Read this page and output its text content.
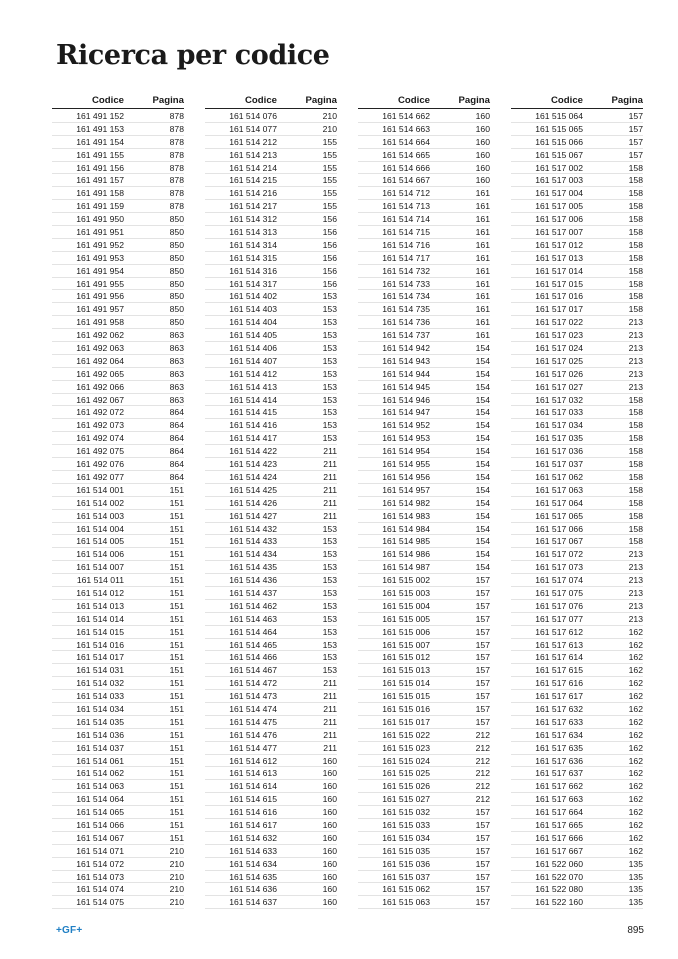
Ricerca per codice
Codice	Pagina
161 491 152	878
161 491 153	878
161 491 154	878
161 491 155	878
161 491 156	878
161 491 157	878
161 491 158	878
161 491 159	878
161 491 950	850
161 491 951	850
161 491 952	850
161 491 953	850
161 491 954	850
161 491 955	850
161 491 956	850
161 491 957	850
161 491 958	850
161 492 062	863
161 492 063	863
161 492 064	863
161 492 065	863
161 492 066	863
161 492 067	863
161 492 072	864
161 492 073	864
161 492 074	864
161 492 075	864
161 492 076	864
161 492 077	864
161 514 001	151
161 514 002	151
161 514 003	151
161 514 004	151
161 514 005	151
161 514 006	151
161 514 007	151
161 514 011	151
161 514 012	151
161 514 013	151
161 514 014	151
161 514 015	151
161 514 016	151
161 514 017	151
161 514 031	151
161 514 032	151
161 514 033	151
161 514 034	151
161 514 035	151
161 514 036	151
161 514 037	151
161 514 061	151
161 514 062	151
161 514 063	151
161 514 064	151
161 514 065	151
161 514 066	151
161 514 067	151
161 514 071	210
161 514 072	210
161 514 073	210
161 514 074	210
161 514 075	210
Codice	Pagina
161 514 076	210
161 514 077	210
161 514 212	155
161 514 213	155
161 514 214	155
161 514 215	155
161 514 216	155
161 514 217	155
161 514 312	156
161 514 313	156
161 514 314	156
161 514 315	156
161 514 316	156
161 514 317	156
161 514 402	153
161 514 403	153
161 514 404	153
161 514 405	153
161 514 406	153
161 514 407	153
161 514 412	153
161 514 413	153
161 514 414	153
161 514 415	153
161 514 416	153
161 514 417	153
161 514 422	211
161 514 423	211
161 514 424	211
161 514 425	211
161 514 426	211
161 514 427	211
161 514 432	153
161 514 433	153
161 514 434	153
161 514 435	153
161 514 436	153
161 514 437	153
161 514 462	153
161 514 463	153
161 514 464	153
161 514 465	153
161 514 466	153
161 514 467	153
161 514 472	211
161 514 473	211
161 514 474	211
161 514 475	211
161 514 476	211
161 514 477	211
161 514 612	160
161 514 613	160
161 514 614	160
161 514 615	160
161 514 616	160
161 514 617	160
161 514 632	160
161 514 633	160
161 514 634	160
161 514 635	160
161 514 636	160
161 514 637	160
Codice	Pagina
161 514 662	160
161 514 663	160
161 514 664	160
161 514 665	160
161 514 666	160
161 514 667	160
161 514 712	161
161 514 713	161
161 514 714	161
161 514 715	161
161 514 716	161
161 514 717	161
161 514 732	161
161 514 733	161
161 514 734	161
161 514 735	161
161 514 736	161
161 514 737	161
161 514 942	154
161 514 943	154
161 514 944	154
161 514 945	154
161 514 946	154
161 514 947	154
161 514 952	154
161 514 953	154
161 514 954	154
161 514 955	154
161 514 956	154
161 514 957	154
161 514 982	154
161 514 983	154
161 514 984	154
161 514 985	154
161 514 986	154
161 514 987	154
161 515 002	157
161 515 003	157
161 515 004	157
161 515 005	157
161 515 006	157
161 515 007	157
161 515 012	157
161 515 013	157
161 515 014	157
161 515 015	157
161 515 016	157
161 515 017	157
161 515 022	212
161 515 023	212
161 515 024	212
161 515 025	212
161 515 026	212
161 515 027	212
161 515 032	157
161 515 033	157
161 515 034	157
161 515 035	157
161 515 036	157
161 515 037	157
161 515 062	157
161 515 063	157
Codice	Pagina
161 515 064	157
161 515 065	157
161 515 066	157
161 515 067	157
161 517 002	158
161 517 003	158
161 517 004	158
161 517 005	158
161 517 006	158
161 517 007	158
161 517 012	158
161 517 013	158
161 517 014	158
161 517 015	158
161 517 016	158
161 517 017	158
161 517 022	213
161 517 023	213
161 517 024	213
161 517 025	213
161 517 026	213
161 517 027	213
161 517 032	158
161 517 033	158
161 517 034	158
161 517 035	158
161 517 036	158
161 517 037	158
161 517 062	158
161 517 063	158
161 517 064	158
161 517 065	158
161 517 066	158
161 517 067	158
161 517 072	213
161 517 073	213
161 517 074	213
161 517 075	213
161 517 076	213
161 517 077	213
161 517 612	162
161 517 613	162
161 517 614	162
161 517 615	162
161 517 616	162
161 517 617	162
161 517 632	162
161 517 633	162
161 517 634	162
161 517 635	162
161 517 636	162
161 517 637	162
161 517 662	162
161 517 663	162
161 517 664	162
161 517 665	162
161 517 666	162
161 517 667	162
161 522 060	135
161 522 070	135
161 522 080	135
161 522 160	135
+GF+	895
